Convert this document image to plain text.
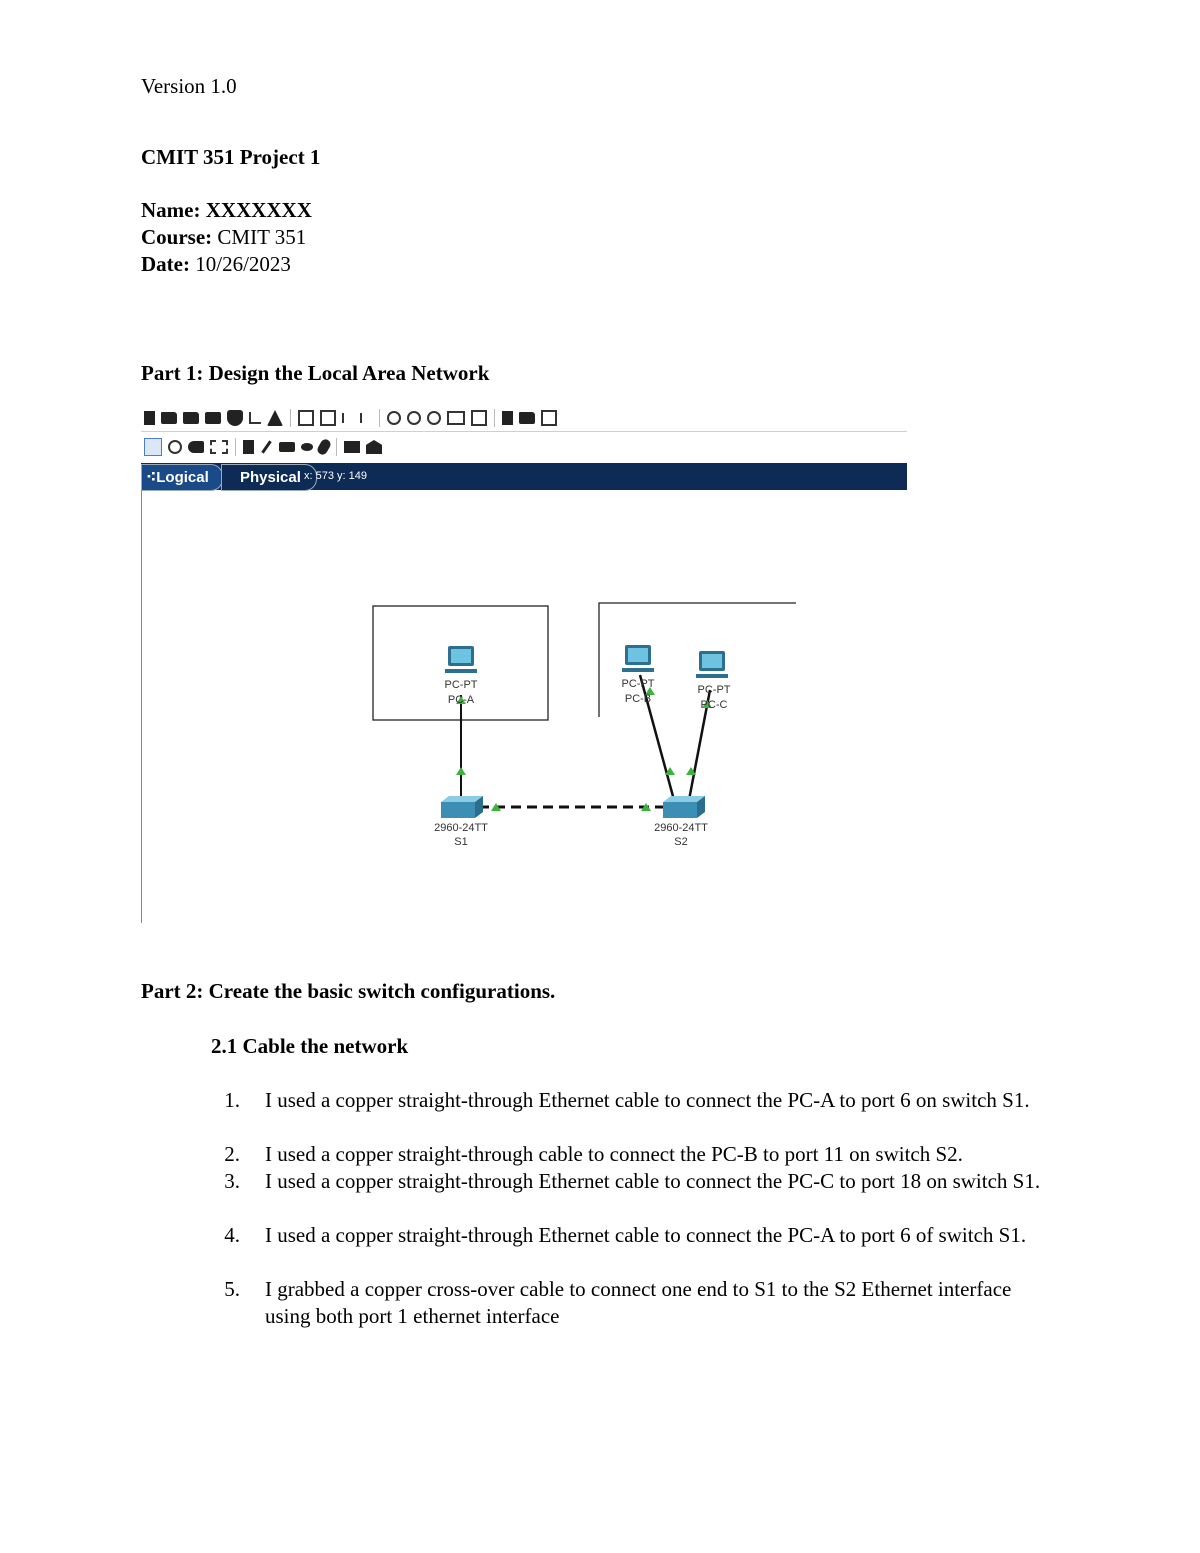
Version 1.0
CMIT 351 Project 1
Name: XXXXXXX
Course: CMIT 351
Date: 10/26/2023
Part 1: Design the Local Area Network
⁖Logical	Physical x: 573 y: 149
PC-PT
PC-A
PC-PT
PC-B
PC-PT
PC-C
2960-24TT
S1
2960-24TT
S2
Part 2: Create the basic switch configurations.
2.1 Cable the network
1. I used a copper straight-through Ethernet cable to connect the PC-A to port 6 on switch S1.
2. I used a copper straight-through cable to connect the PC-B to port 11 on switch S2.
3. I used a copper straight-through Ethernet cable to connect the PC-C to port 18 on switch S1.
4. I used a copper straight-through Ethernet cable to connect the PC-A to port 6 of switch S1.
5. I grabbed a copper cross-over cable to connect one end to S1 to the S2 Ethernet interface using both port 1 ethernet interface
